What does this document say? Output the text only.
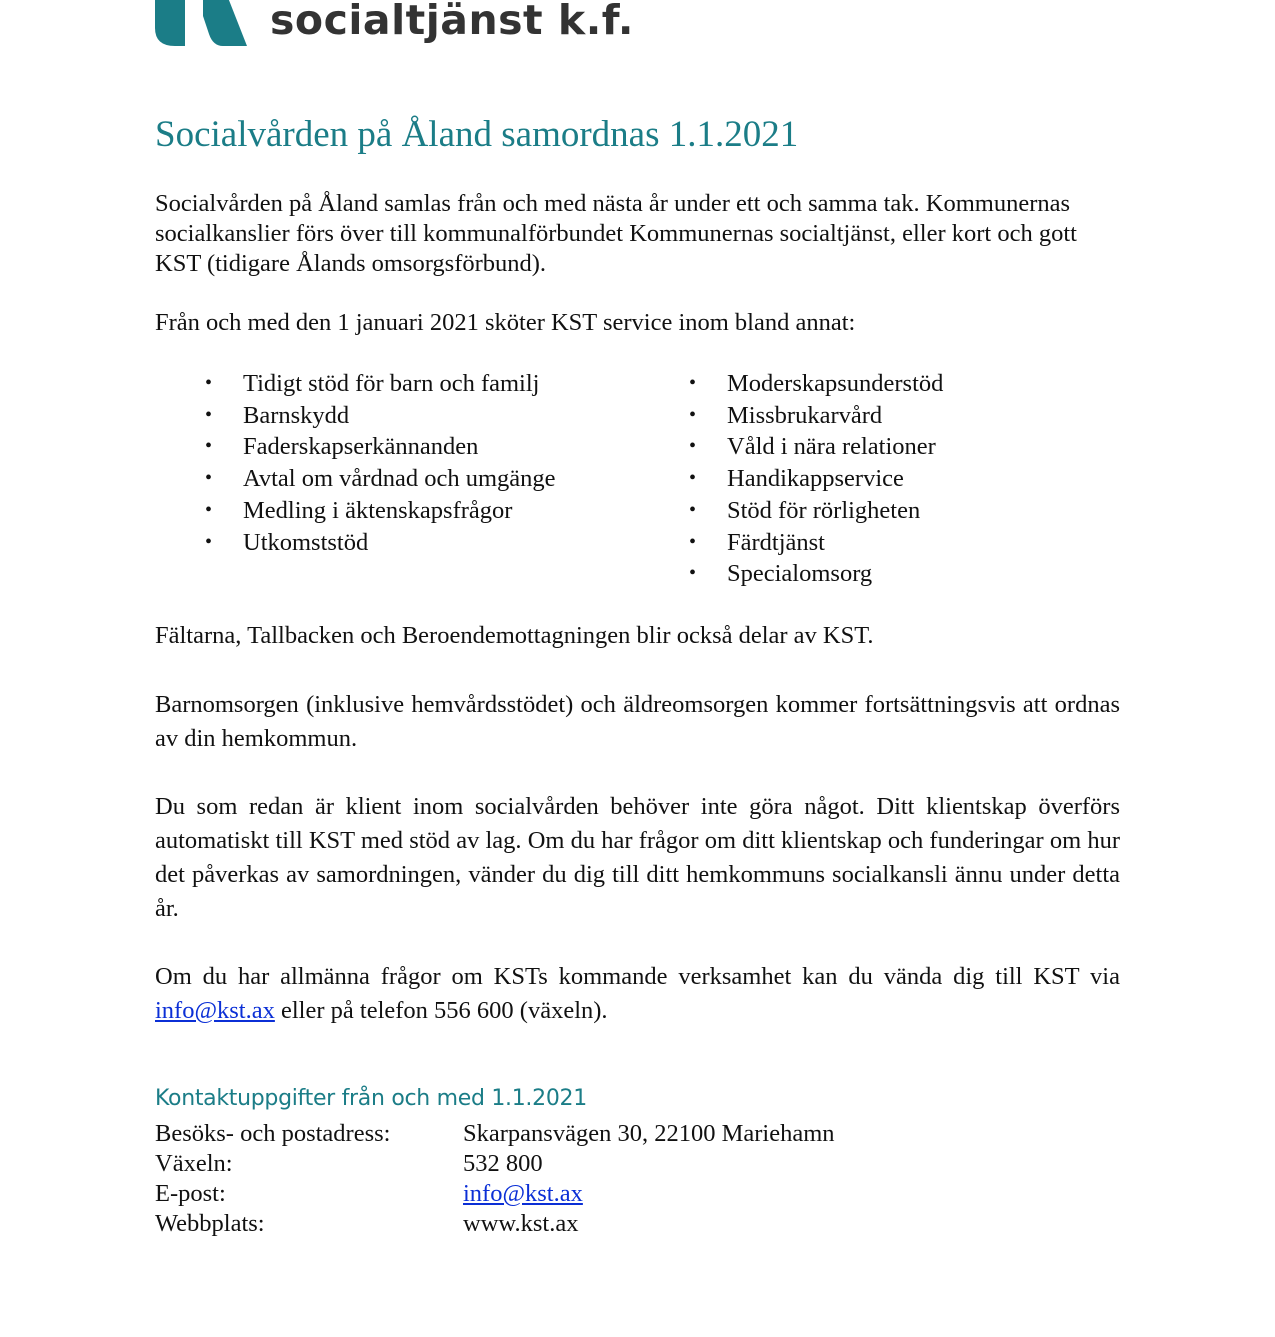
socialtjänst k.f.
Socialvården på Åland samordnas 1.1.2021

Socialvården på Åland samlas från och med nästa år under ett och samma tak. Kommunernas socialkanslier förs över till kommunalförbundet Kommunernas socialtjänst, eller kort och gott KST (tidigare Ålands omsorgsförbund).

Från och med den 1 januari 2021 sköter KST service inom bland annat:

• Tidigt stöd för barn och familj
• Barnskydd
• Faderskapserkännanden
• Avtal om vårdnad och umgänge
• Medling i äktenskapsfrågor
• Utkomststöd
• Moderskapsunderstöd
• Missbrukarvård
• Våld i nära relationer
• Handikappservice
• Stöd för rörligheten
• Färdtjänst
• Specialomsorg

Fältarna, Tallbacken och Beroendemottagningen blir också delar av KST.

Barnomsorgen (inklusive hemvårdsstödet) och äldreomsorgen kommer fortsättningsvis att ordnas av din hemkommun.

Du som redan är klient inom socialvården behöver inte göra något. Ditt klientskap överförs automatiskt till KST med stöd av lag. Om du har frågor om ditt klientskap och funderingar om hur det påverkas av samordningen, vänder du dig till ditt hemkommuns socialkansli ännu under detta år.

Om du har allmänna frågor om KSTs kommande verksamhet kan du vända dig till KST via info@kst.ax eller på telefon 556 600 (växeln).

Kontaktuppgifter från och med 1.1.2021
Besöks- och postadress:	Skarpansvägen 30, 22100 Mariehamn
Växeln:	532 800
E-post:	info@kst.ax
Webbplats:	www.kst.ax
